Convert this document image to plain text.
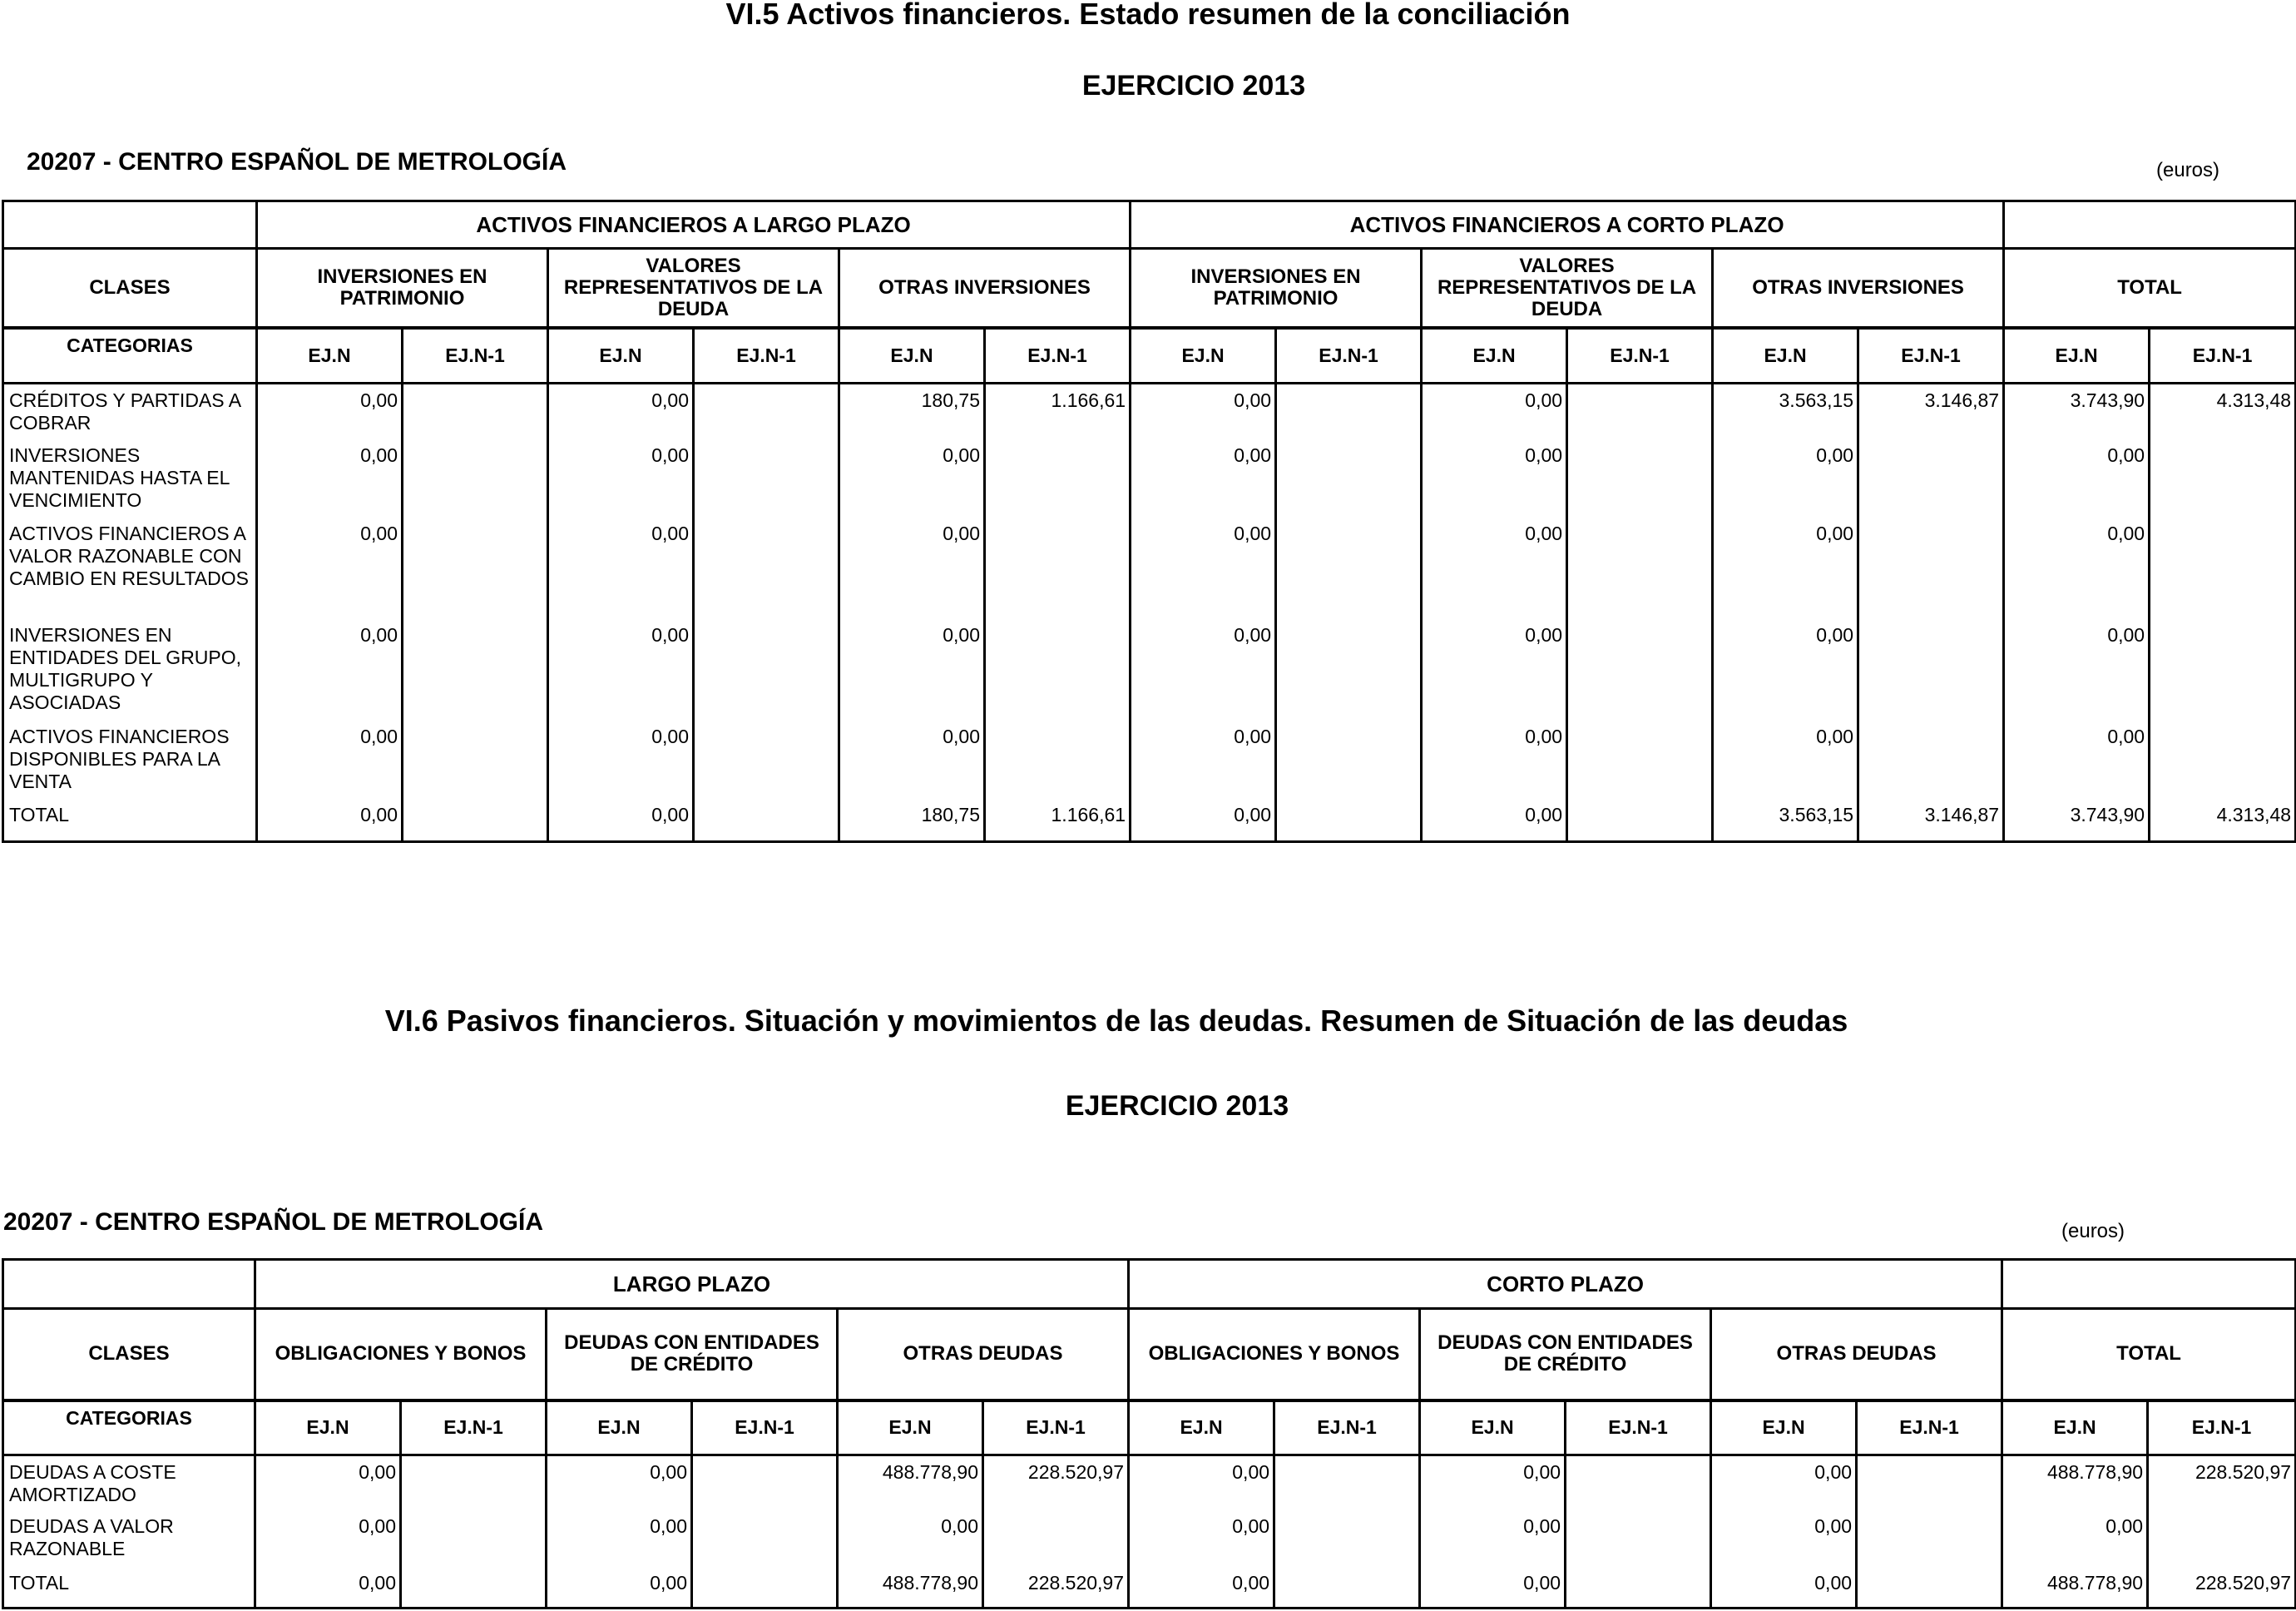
VI.5 Activos financieros. Estado resumen de la conciliación
EJERCICIO 2013
20207 - CENTRO ESPAÑOL DE METROLOGÍA	(euros)
	ACTIVOS FINANCIEROS A LARGO PLAZO						ACTIVOS FINANCIEROS A CORTO PLAZO							
CLASES	INVERSIONES EN PATRIMONIO		VALORES REPRESENTATIVOS DE LA DEUDA		OTRAS INVERSIONES		INVERSIONES EN PATRIMONIO		VALORES REPRESENTATIVOS DE LA DEUDA		OTRAS INVERSIONES		TOTAL	
CATEGORIAS	EJ.N	EJ.N-1	EJ.N	EJ.N-1	EJ.N	EJ.N-1	EJ.N	EJ.N-1	EJ.N	EJ.N-1	EJ.N	EJ.N-1	EJ.N	EJ.N-1
CRÉDITOS Y PARTIDAS A COBRAR	0,00		0,00		180,75	1.166,61	0,00		0,00		3.563,15	3.146,87	3.743,90	4.313,48
INVERSIONES MANTENIDAS HASTA EL VENCIMIENTO	0,00		0,00		0,00		0,00		0,00		0,00		0,00	
ACTIVOS FINANCIEROS A VALOR RAZONABLE CON CAMBIO EN RESULTADOS	0,00		0,00		0,00		0,00		0,00		0,00		0,00	
INVERSIONES EN ENTIDADES DEL GRUPO, MULTIGRUPO Y ASOCIADAS	0,00		0,00		0,00		0,00		0,00		0,00		0,00	
ACTIVOS FINANCIEROS DISPONIBLES PARA LA VENTA	0,00		0,00		0,00		0,00		0,00		0,00		0,00	
TOTAL	0,00		0,00		180,75	1.166,61	0,00		0,00		3.563,15	3.146,87	3.743,90	4.313,48
VI.6 Pasivos financieros. Situación y movimientos de las deudas. Resumen de Situación de las deudas
EJERCICIO 2013
20207 - CENTRO ESPAÑOL DE METROLOGÍA	(euros)
	LARGO PLAZO						CORTO PLAZO							
CLASES	OBLIGACIONES Y BONOS		DEUDAS CON ENTIDADES DE CRÉDITO		OTRAS DEUDAS		OBLIGACIONES Y BONOS		DEUDAS CON ENTIDADES DE CRÉDITO		OTRAS DEUDAS		TOTAL	
CATEGORIAS	EJ.N	EJ.N-1	EJ.N	EJ.N-1	EJ.N	EJ.N-1	EJ.N	EJ.N-1	EJ.N	EJ.N-1	EJ.N	EJ.N-1	EJ.N	EJ.N-1
DEUDAS A COSTE AMORTIZADO	0,00		0,00		488.778,90	228.520,97	0,00		0,00		0,00		488.778,90	228.520,97
DEUDAS A VALOR RAZONABLE	0,00		0,00		0,00		0,00		0,00		0,00		0,00	
TOTAL	0,00		0,00		488.778,90	228.520,97	0,00		0,00		0,00		488.778,90	228.520,97
